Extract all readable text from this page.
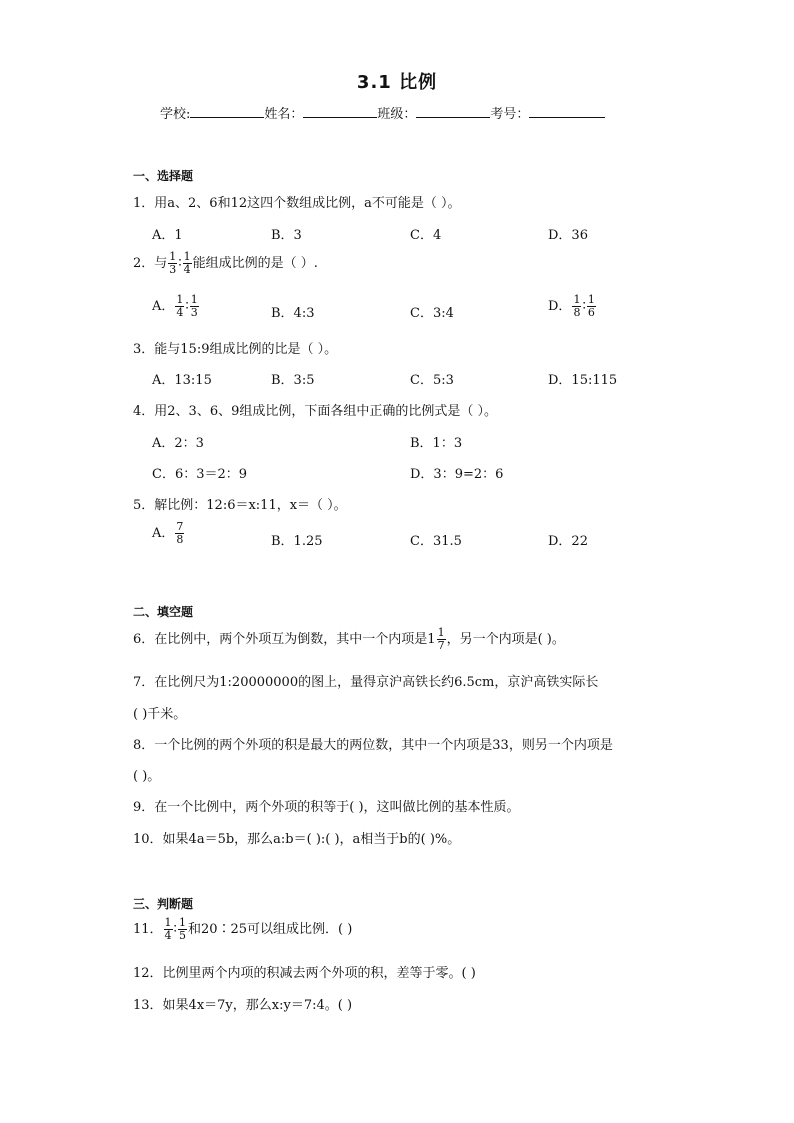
3.1 比例
学校:	姓名：	班级：	考号：
一、选择题
1．用a、2、6和12这四个数组成比例，a不可能是（ ）。
A．1	B．3	C．4	D．36
2．与 $\frac{1}{3}$ ∶ $\frac{1}{4}$ 能组成比例的是（ ）.
A． $\frac{1}{4}$ ∶ $\frac{1}{3}$	B．4:3	C．3:4	D． $\frac{1}{8}$ ∶ $\frac{1}{6}$
3．能与15:9组成比例的比是（ ）。
A．13:15	B．3:5	C．5:3	D．15:115
4．用2、3、6、9组成比例，下面各组中正确的比例式是（ ）。
A．2：3	B．1：3
C．6：3＝2：9	D．3：9=2：6
5．解比例：12:6＝x:11，x＝（ ）。
A． $\frac{7}{8}$	B．1.25	C．31.5	D．22
二、填空题
6．在比例中，两个外项互为倒数，其中一个内项是$1 \frac{1}{7}$ ，另一个内项是( )。
7．在比例尺为1:20000000的图上，量得京沪高铁长约6.5cm，京沪高铁实际长
( )千米。
8．一个比例的两个外项的积是最大的两位数，其中一个内项是33，则另一个内项是
( )。
9．在一个比例中，两个外项的积等于( )，这叫做比例的基本性质。
10．如果4a＝5b，那么a:b＝( ):( )，a相当于b的( )%。
三、判断题
11． $\frac{1}{4}$ ∶ $\frac{1}{5}$ 和20∶25可以组成比例．( )
12．比例里两个内项的积减去两个外项的积，差等于零。( )
13．如果4x＝7y，那么x:y＝7:4。( )
